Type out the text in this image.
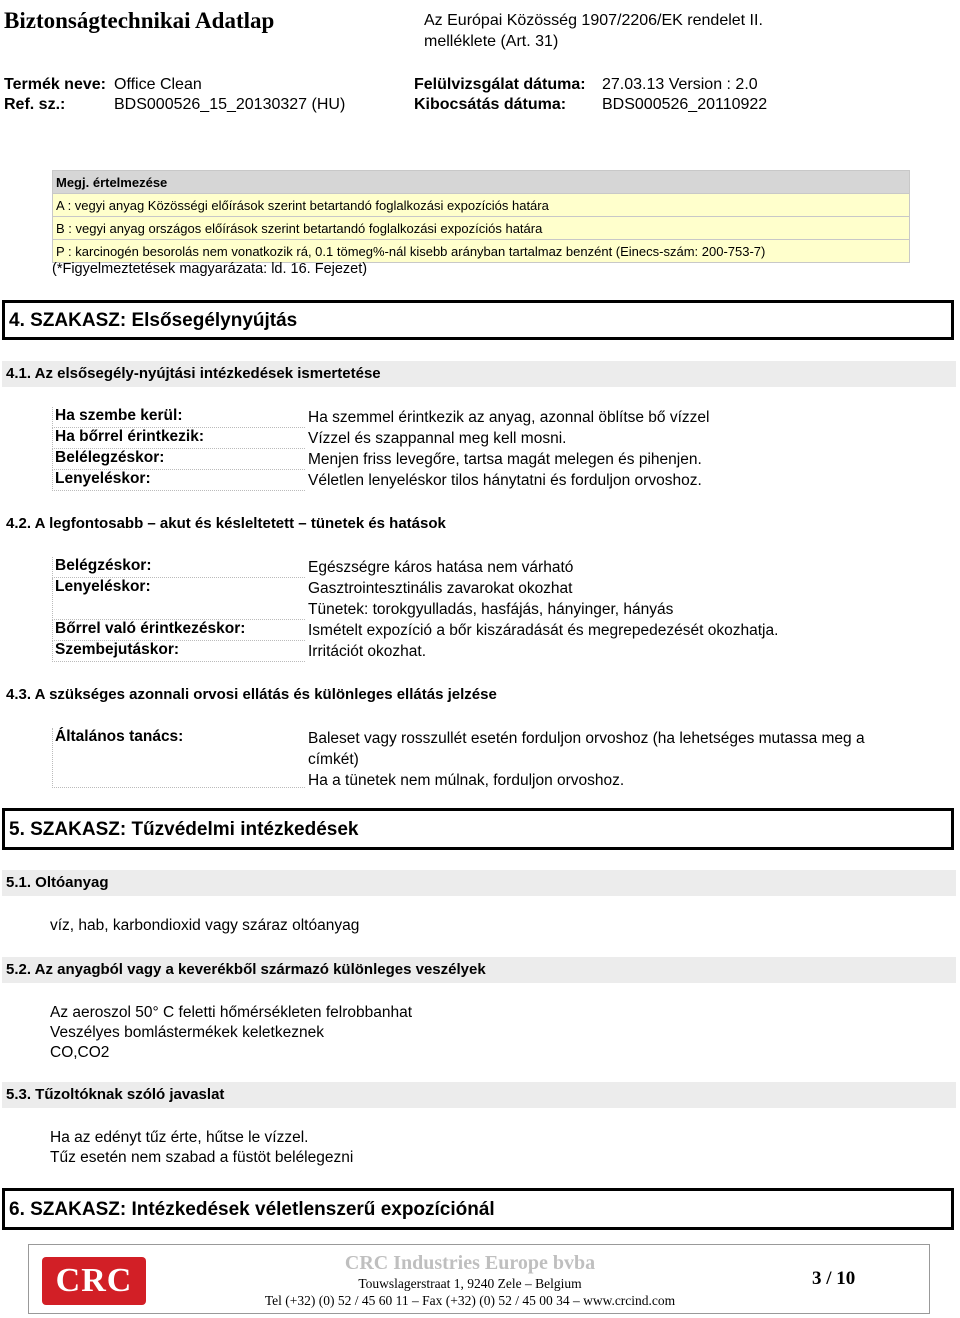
Biztonságtechnikai Adatlap	Az Európai Közösség 1907/2206/EK rendelet II.
melléklete (Art. 31)
Termék neve: Office Clean	Felülvizsgálat dátuma: 27.03.13 Version : 2.0
Ref. sz.:	BDS000526_15_20130327 (HU)	Kibocsátás dátuma: BDS000526_20110922
Megj. értelmezése
A : vegyi anyag Közösségi előírások szerint betartandó foglalkozási expozíciós határa
B : vegyi anyag országos előírások szerint betartandó foglalkozási expozíciós határa
P : karcinogén besorolás nem vonatkozik rá, 0.1 tömeg%-nál kisebb arányban tartalmaz benzént (Einecs-szám: 200-753-7)
(*Figyelmeztetések magyarázata: ld. 16. Fejezet)
4. SZAKASZ: Elsősegélynyújtás
4.1. Az elsősegély-nyújtási intézkedések ismertetése
Ha szembe kerül:	Ha szemmel érintkezik az anyag, azonnal öblítse bő vízzel
Ha bőrrel érintkezik:	Vízzel és szappannal meg kell mosni.
Belélegzéskor:	Menjen friss levegőre, tartsa magát melegen és pihenjen.
Lenyeléskor:	Véletlen lenyeléskor tilos hánytatni és forduljon orvoshoz.
4.2. A legfontosabb – akut és késleltetett – tünetek és hatások
Belégzéskor:	Egészségre káros hatása nem várható
Lenyeléskor:	Gasztrointesztinális zavarokat okozhat
Tünetek: torokgyulladás, hasfájás, hányinger, hányás
Bőrrel való érintkezéskor:	Ismételt expozíció a bőr kiszáradását és megrepedezését okozhatja.
Szembejutáskor:	Irritációt okozhat.
4.3. A szükséges azonnali orvosi ellátás és különleges ellátás jelzése
Általános tanács:	Baleset vagy rosszullét esetén forduljon orvoshoz (ha lehetséges mutassa meg a címkét)
Ha a tünetek nem múlnak, forduljon orvoshoz.
5. SZAKASZ: Tűzvédelmi intézkedések
5.1. Oltóanyag
víz, hab, karbondioxid vagy száraz oltóanyag
5.2. Az anyagból vagy a keverékből származó különleges veszélyek
Az aeroszol 50° C feletti hőmérsékleten felrobbanhat
Veszélyes bomlástermékek keletkeznek
CO,CO2
5.3. Tűzoltóknak szóló javaslat
Ha az edényt tűz érte, hűtse le vízzel.
Tűz esetén nem szabad a füstöt belélegezni
6. SZAKASZ: Intézkedések véletlenszerű expozíciónál
CRC	CRC Industries Europe bvba
Touwslagerstraat 1, 9240 Zele – Belgium
Tel (+32) (0) 52 / 45 60 11 – Fax (+32) (0) 52 / 45 00 34 – www.crcind.com
3 / 10
